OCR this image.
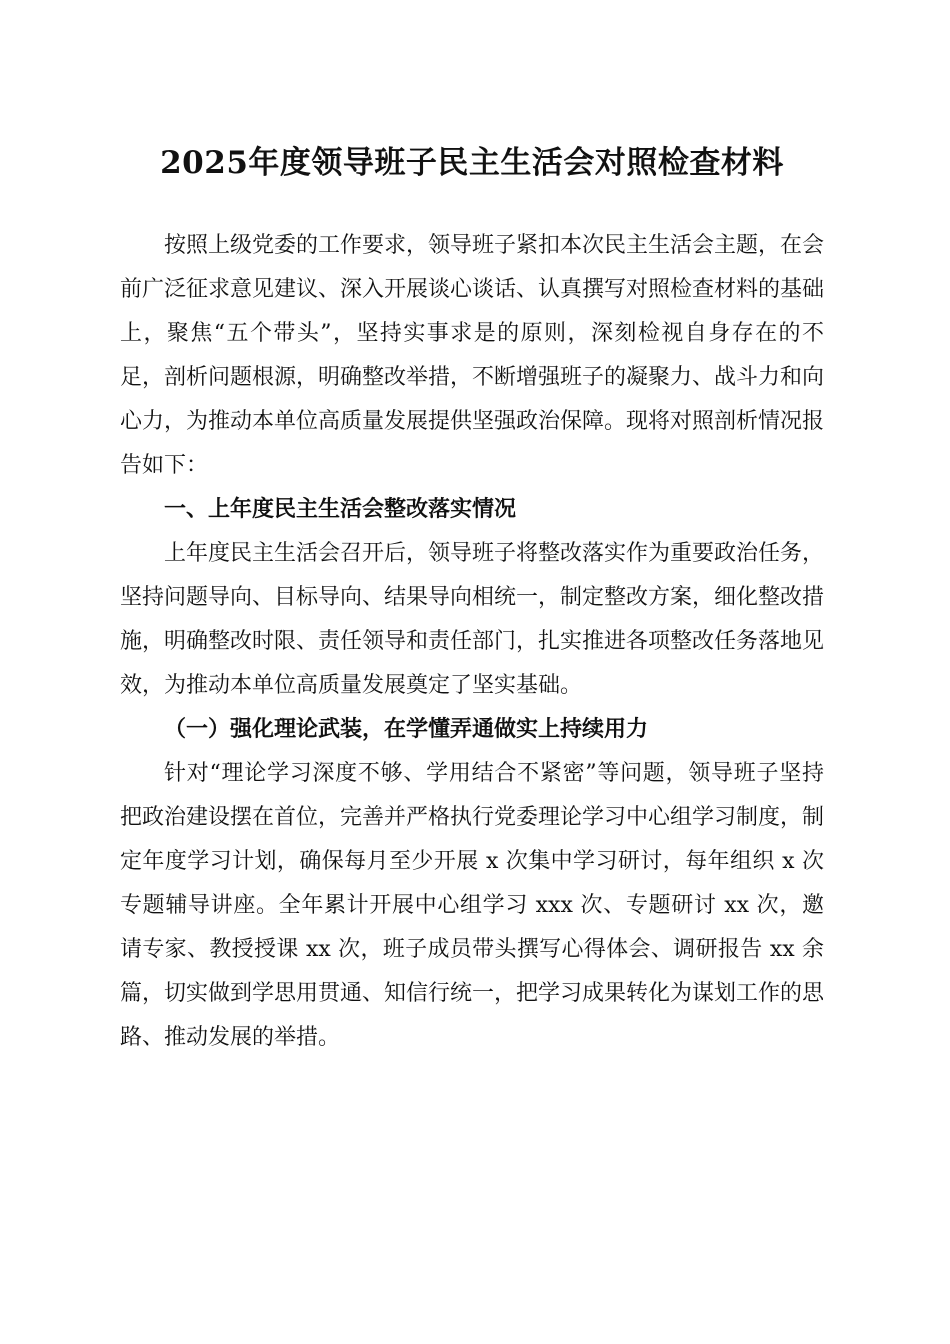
2025年度领导班子民主生活会对照检查材料

按照上级党委的工作要求，领导班子紧扣本次民主生活会主题，在会前广泛征求意见建议、深入开展谈心谈话、认真撰写对照检查材料的基础上，聚焦“五个带头”，坚持实事求是的原则，深刻检视自身存在的不足，剖析问题根源，明确整改举措，不断增强班子的凝聚力、战斗力和向心力，为推动本单位高质量发展提供坚强政治保障。现将对照剖析情况报告如下：

一、上年度民主生活会整改落实情况

上年度民主生活会召开后，领导班子将整改落实作为重要政治任务，坚持问题导向、目标导向、结果导向相统一，制定整改方案，细化整改措施，明确整改时限、责任领导和责任部门，扎实推进各项整改任务落地见效，为推动本单位高质量发展奠定了坚实基础。

（一）强化理论武装，在学懂弄通做实上持续用力

针对“理论学习深度不够、学用结合不紧密”等问题，领导班子坚持把政治建设摆在首位，完善并严格执行党委理论学习中心组学习制度，制定年度学习计划，确保每月至少开展 x 次集中学习研讨，每年组织 x 次专题辅导讲座。全年累计开展中心组学习 xxx 次、专题研讨 xx 次，邀请专家、教授授课 xx 次，班子成员带头撰写心得体会、调研报告 xx 余篇，切实做到学思用贯通、知信行统一，把学习成果转化为谋划工作的思路、推动发展的举措。
